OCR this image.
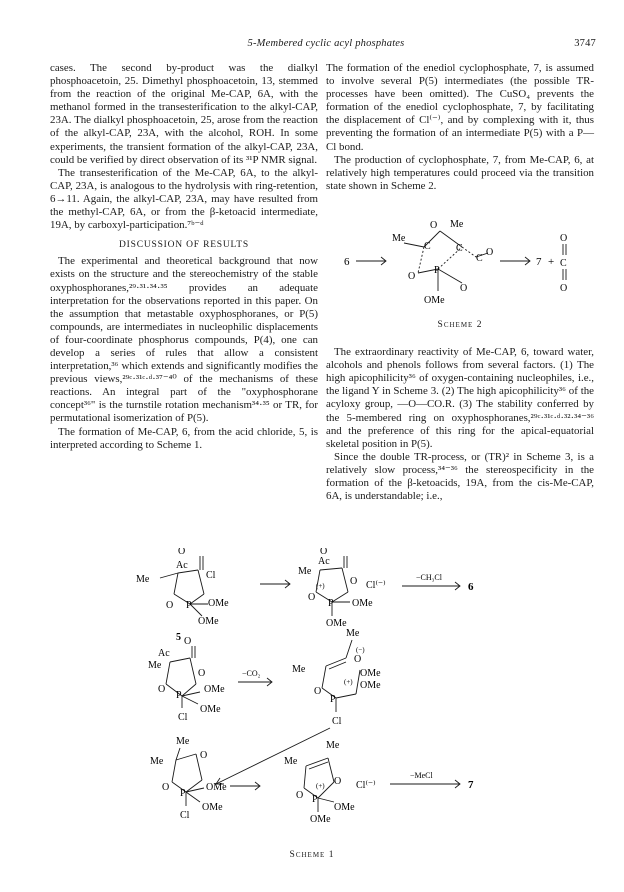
5-Membered cyclic acyl phosphates	3747

cases. The second by-product was the dialkyl phosphoacetoin, 25. Dimethyl phosphoacetoin, 13, stemmed from the reaction of the original Me-CAP, 6A, with the methanol formed in the transesterification to the alkyl-CAP, 23A. The dialkyl phosphoacetoin, 25, arose from the reaction of the alkyl-CAP, 23A, with the alcohol, ROH. In some experiments, the transient formation of the alkyl-CAP, 23A, could be verified by direct observation of its ³¹P NMR signal.

The transesterification of the Me-CAP, 6A, to the alkyl-CAP, 23A, is analogous to the hydrolysis with ring-retention, 6→11. Again, the alkyl-CAP, 23A, may have resulted from the methyl-CAP, 6A, or from the β-ketoacid intermediate, 19A, by carboxyl-participation.⁷ᵇ⁻ᵈ

DISCUSSION OF RESULTS

The experimental and theoretical background that now exists on the structure and the stereochemistry of the stable oxyphosphoranes,²⁹·³¹·³⁴·³⁵ provides an adequate interpretation for the observations reported in this paper. On the assumption that metastable oxyphosphoranes, or P(5) compounds, are intermediates in nucleophilic displacements of four-coordinate phosphorus compounds, P(4), one can develop a series of rules that allow a consistent interpretation,³⁶ which extends and significantly modifies the previous views,²⁹ᶜ·³¹ᶜ·ᵈ·³⁷⁻⁴⁰ of the mechanisms of these reactions. An integral part of the "oxyphosphorane concept³⁶" is the turnstile rotation mechanism³⁴·³⁵ or TR, for permutational isomerization of P(5).

The formation of Me-CAP, 6, from the acid chloride, 5, is interpreted according to Scheme 1.

The formation of the enediol cyclophosphate, 7, is assumed to involve several P(5) intermediates (the possible TR-processes have been omitted). The CuSO₄ prevents the formation of the enediol cyclophosphate, 7, by facilitating the displacement of Cl⁽⁻⁾, and by complexing with it, thus preventing the formation of an intermediate P(5) with a P—Cl bond.

The production of cyclophosphate, 7, from Me-CAP, 6, at relatively high temperatures could proceed via the transition state shown in Scheme 2.

6
Me
O Me
C	C
C
O
O
P
O
OMe
7 +
O
C
O
Scheme 2

The extraordinary reactivity of Me-CAP, 6, toward water, alcohols and phenols follows from several factors. (1) The high apicophilicity³⁶ of oxygen-containing nucleophiles, i.e., the ligand Y in Scheme 3. (2) The high apicophilicity³⁶ of the acyloxy group, —O—CO.R. (3) The stability conferred by the 5-membered ring on oxyphosphoranes,²⁹ᶜ·³¹ᶜ·ᵈ·³²·³⁴⁻³⁶ and the preference of this ring for the apical-equatorial skeletal position in P(5).

Since the double TR-process, or (TR)² in Scheme 3, is a relatively slow process,³⁴⁻³⁶ the stereospecificity in the formation of the β-ketoacids, 19A, from the cis-Me-CAP, 6A, is understandable; i.e.,

O
Ac
Me	Cl
O P OMe
OMe
5
O
Ac
Me
(+)	O Cl⁽⁻⁾
O
P OMe
OMe
−CH₃Cl
6
O
Ac
Me
O
O
P
OMe
OMe
Cl
−CO₂
Me
(−)
O
Me	OMe
(+) OMe
O
P
Cl
Me
Me
O
O
P
OMe
OMe
Cl
Me
Me
O
(+)
O P
OMe
OMe
Cl⁽⁻⁾
−MeCl
7
Scheme 1
